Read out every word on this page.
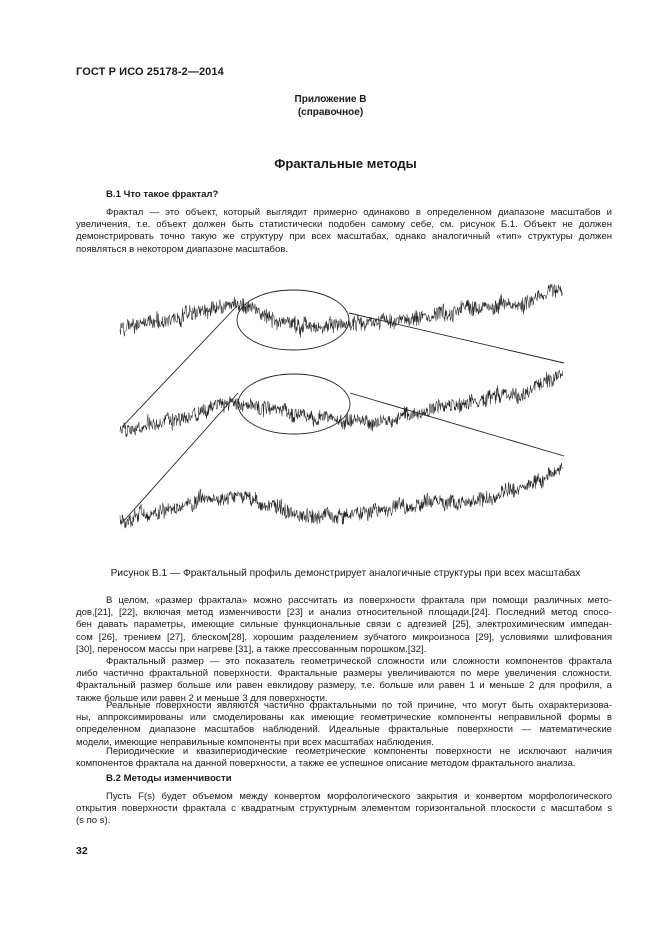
ГОСТ Р ИСО 25178-2—2014
Приложение В
(справочное)
Фрактальные методы
В.1 Что такое фрактал?
Фрактал — это объект, который выглядит примерно одинаково в определенном диапазоне масштабов и
увеличения, т.е. объект должен быть статистически подобен самому себе, см. рисунок Б.1. Объект не должен
демонстрировать точно такую же структуру при всех масштабах, однако аналогичный «тип» структуры должен
появляться в некотором диапазоне масштабов.
Рисунок В.1 — Фрактальный профиль демонстрирует аналогичные структуры при всех масштабах
В целом, «размер фрактала» можно рассчитать из поверхности фрактала при помощи различных мето-
дов,[21], [22], включая метод изменчивости [23] и анализ относительной площади.[24]. Последний метод спосо-
бен давать параметры, имеющие сильные функциональные связи с адгезией [25], электрохимическим импедан-
сом [26], трением [27], блеском[28], хорошим разделением зубчатого микроизноса [29], условиями шлифования
[30], переносом массы при нагреве [31], а также прессованным порошком.[32].
Фрактальный размер — это показатель геометрической сложности или сложности компонентов фрактала
либо частично фрактальной поверхности. Фрактальные размеры увеличиваются по мере увеличения сложности.
Фрактальный размер больше или равен евклидову размеру, т.е. больше или равен 1 и меньше 2 для профиля, а
также больше или равен 2 и меньше 3 для поверхности.
Реальные поверхности являются частично фрактальными по той причине, что могут быть охарактеризова-
ны, аппроксимированы или смоделированы как имеющие геометрические компоненты неправильной формы в
определенном диапазоне масштабов наблюдений. Идеальные фрактальные поверхности — математические
модели, имеющие неправильные компоненты при всех масштабах наблюдения.
Периодические и квазипериодические геометрические компоненты поверхности не исключают наличия
компонентов фрактала на данной поверхности, а также ее успешное описание методом фрактального анализа.
В.2 Методы изменчивости
Пусть F(s) будет объемом между конвертом морфологического закрытия и конвертом морфологического
открытия поверхности фрактала с квадратным структурным элементом горизонтальной плоскости с масштабом s
(s по s).
32
